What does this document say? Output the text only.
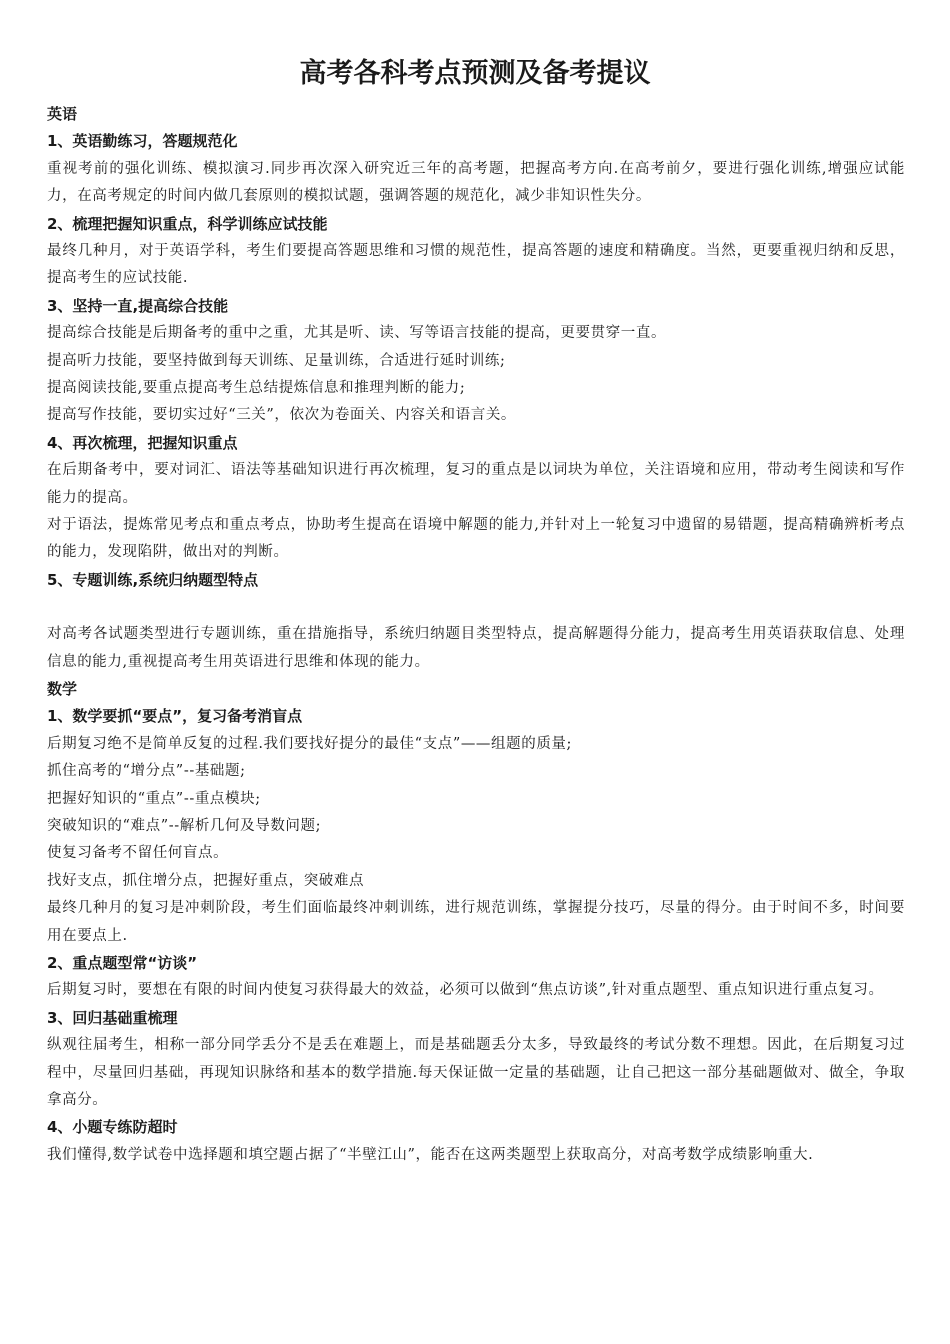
高考各科考点预测及备考提议
英语
1、英语勤练习，答题规范化

重视考前的强化训练、模拟演习.同步再次深入研究近三年的高考题，把握高考方向.在高考前夕，要进行强化训练,增强应试能力，在高考规定的时间内做几套原则的模拟试题，强调答题的规范化，减少非知识性失分。

2、梳理把握知识重点，科学训练应试技能

最终几种月，对于英语学科，考生们要提高答题思维和习惯的规范性，提高答题的速度和精确度。当然，更要重视归纳和反思，提高考生的应试技能.

3、坚持一直,提高综合技能

提高综合技能是后期备考的重中之重，尤其是听、读、写等语言技能的提高，更要贯穿一直。

提高听力技能，要坚持做到每天训练、足量训练，合适进行延时训练;

提高阅读技能,要重点提高考生总结提炼信息和推理判断的能力;

提高写作技能，要切实过好“三关”，依次为卷面关、内容关和语言关。

4、再次梳理，把握知识重点

在后期备考中，要对词汇、语法等基础知识进行再次梳理，复习的重点是以词块为单位，关注语境和应用，带动考生阅读和写作能力的提高。

对于语法，提炼常见考点和重点考点，协助考生提高在语境中解题的能力,并针对上一轮复习中遗留的易错题，提高精确辨析考点的能力，发现陷阱，做出对的判断。

5、专题训练,系统归纳题型特点

对高考各试题类型进行专题训练，重在措施指导，系统归纳题目类型特点，提高解题得分能力，提高考生用英语获取信息、处理信息的能力,重视提高考生用英语进行思维和体现的能力。

数学
1、数学要抓“要点”，复习备考消盲点

后期复习绝不是简单反复的过程.我们要找好提分的最佳“支点”——组题的质量;

抓住高考的“增分点”--基础题;

把握好知识的“重点”--重点模块;

突破知识的“难点”--解析几何及导数问题;

使复习备考不留任何盲点。

找好支点，抓住增分点，把握好重点，突破难点

最终几种月的复习是冲刺阶段，考生们面临最终冲刺训练，进行规范训练，掌握提分技巧，尽量的得分。由于时间不多，时间要用在要点上.

2、重点题型常“访谈”

后期复习时，要想在有限的时间内使复习获得最大的效益，必须可以做到“焦点访谈”,针对重点题型、重点知识进行重点复习。

3、回归基础重梳理

纵观往届考生，相称一部分同学丢分不是丢在难题上，而是基础题丢分太多，导致最终的考试分数不理想。因此，在后期复习过程中，尽量回归基础，再现知识脉络和基本的数学措施.每天保证做一定量的基础题，让自己把这一部分基础题做对、做全，争取拿高分。

4、小题专练防超时

我们懂得,数学试卷中选择题和填空题占据了“半壁江山”，能否在这两类题型上获取高分，对高考数学成绩影响重大.
